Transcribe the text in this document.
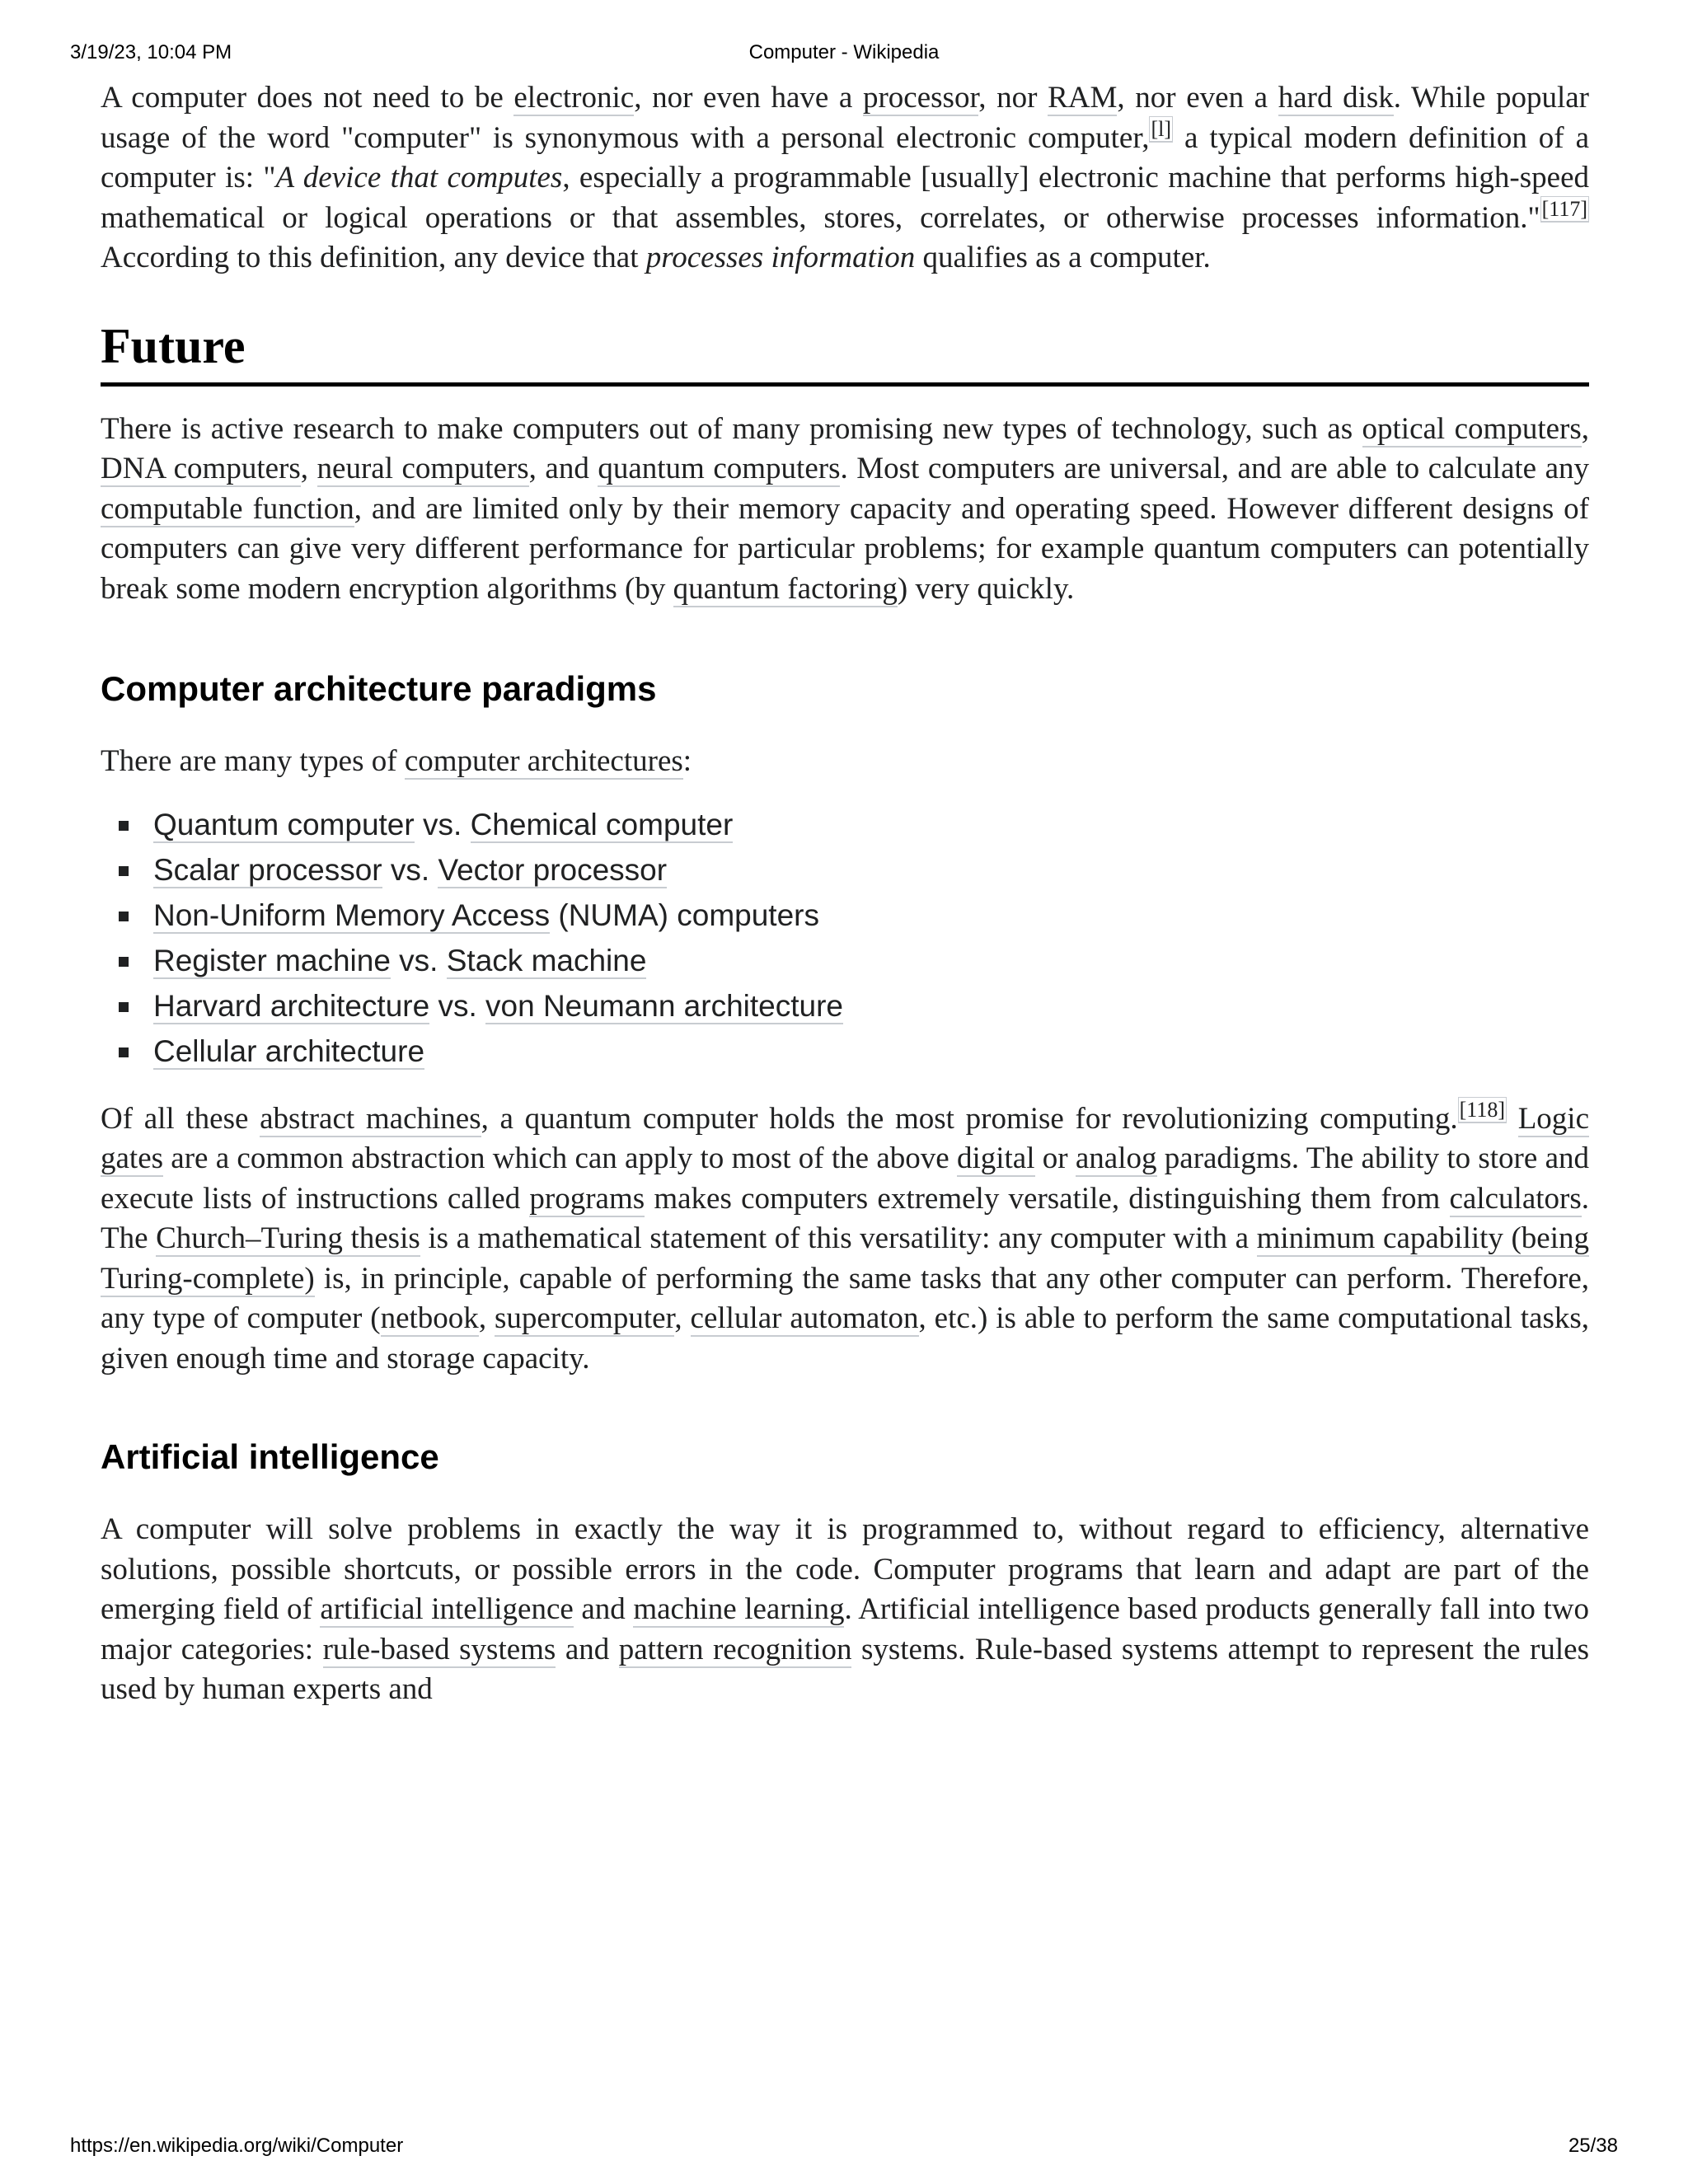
3/19/23, 10:04 PM	Computer - Wikipedia

A computer does not need to be electronic, nor even have a processor, nor RAM, nor even a hard disk. While popular usage of the word "computer" is synonymous with a personal electronic computer,[l] a typical modern definition of a computer is: "A device that computes, especially a programmable [usually] electronic machine that performs high-speed mathematical or logical operations or that assembles, stores, correlates, or otherwise processes information."[117] According to this definition, any device that processes information qualifies as a computer.

Future

There is active research to make computers out of many promising new types of technology, such as optical computers, DNA computers, neural computers, and quantum computers. Most computers are universal, and are able to calculate any computable function, and are limited only by their memory capacity and operating speed. However different designs of computers can give very different performance for particular problems; for example quantum computers can potentially break some modern encryption algorithms (by quantum factoring) very quickly.

Computer architecture paradigms

There are many types of computer architectures:

Quantum computer vs. Chemical computer
Scalar processor vs. Vector processor
Non-Uniform Memory Access (NUMA) computers
Register machine vs. Stack machine
Harvard architecture vs. von Neumann architecture
Cellular architecture

Of all these abstract machines, a quantum computer holds the most promise for revolutionizing computing.[118] Logic gates are a common abstraction which can apply to most of the above digital or analog paradigms. The ability to store and execute lists of instructions called programs makes computers extremely versatile, distinguishing them from calculators. The Church–Turing thesis is a mathematical statement of this versatility: any computer with a minimum capability (being Turing-complete) is, in principle, capable of performing the same tasks that any other computer can perform. Therefore, any type of computer (netbook, supercomputer, cellular automaton, etc.) is able to perform the same computational tasks, given enough time and storage capacity.

Artificial intelligence

A computer will solve problems in exactly the way it is programmed to, without regard to efficiency, alternative solutions, possible shortcuts, or possible errors in the code. Computer programs that learn and adapt are part of the emerging field of artificial intelligence and machine learning. Artificial intelligence based products generally fall into two major categories: rule-based systems and pattern recognition systems. Rule-based systems attempt to represent the rules used by human experts and

https://en.wikipedia.org/wiki/Computer	25/38
